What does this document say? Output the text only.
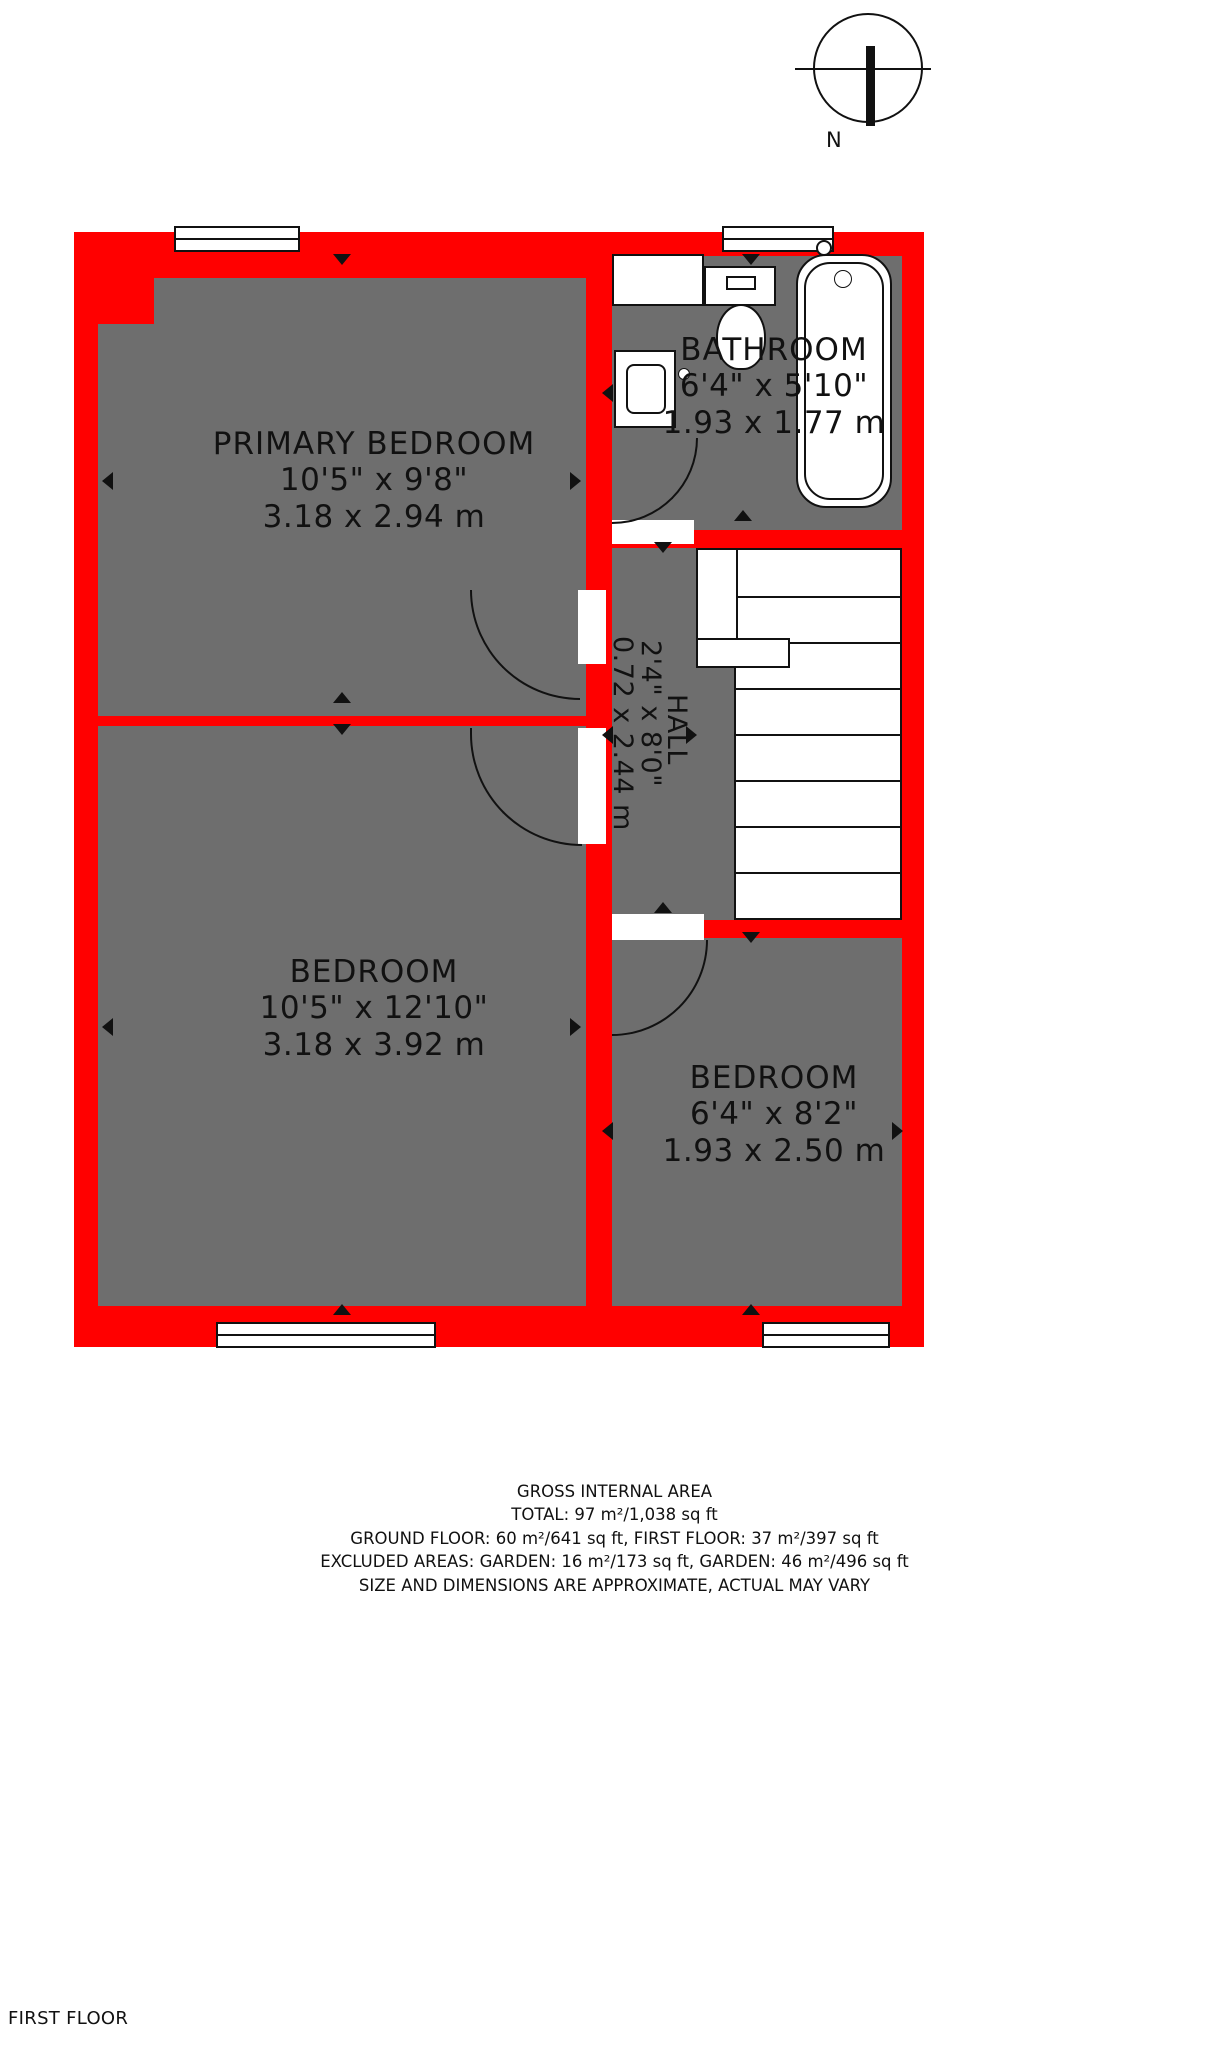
N
PRIMARY BEDROOM
10'5" x 9'8"
3.18 x 2.94 m
BATHROOM
6'4" x 5'10"
1.93 x 1.77 m
BEDROOM
10'5" x 12'10"
3.18 x 3.92 m
BEDROOM
6'4" x 8'2"
1.93 x 2.50 m
HALL
2'4" x 8'0"
0.72 x 2.44 m
GROSS INTERNAL AREA
TOTAL: 97 m²/1,038 sq ft
GROUND FLOOR: 60 m²/641 sq ft, FIRST FLOOR: 37 m²/397 sq ft
EXCLUDED AREAS: GARDEN: 16 m²/173 sq ft, GARDEN: 46 m²/496 sq ft
SIZE AND DIMENSIONS ARE APPROXIMATE, ACTUAL MAY VARY
FIRST FLOOR
